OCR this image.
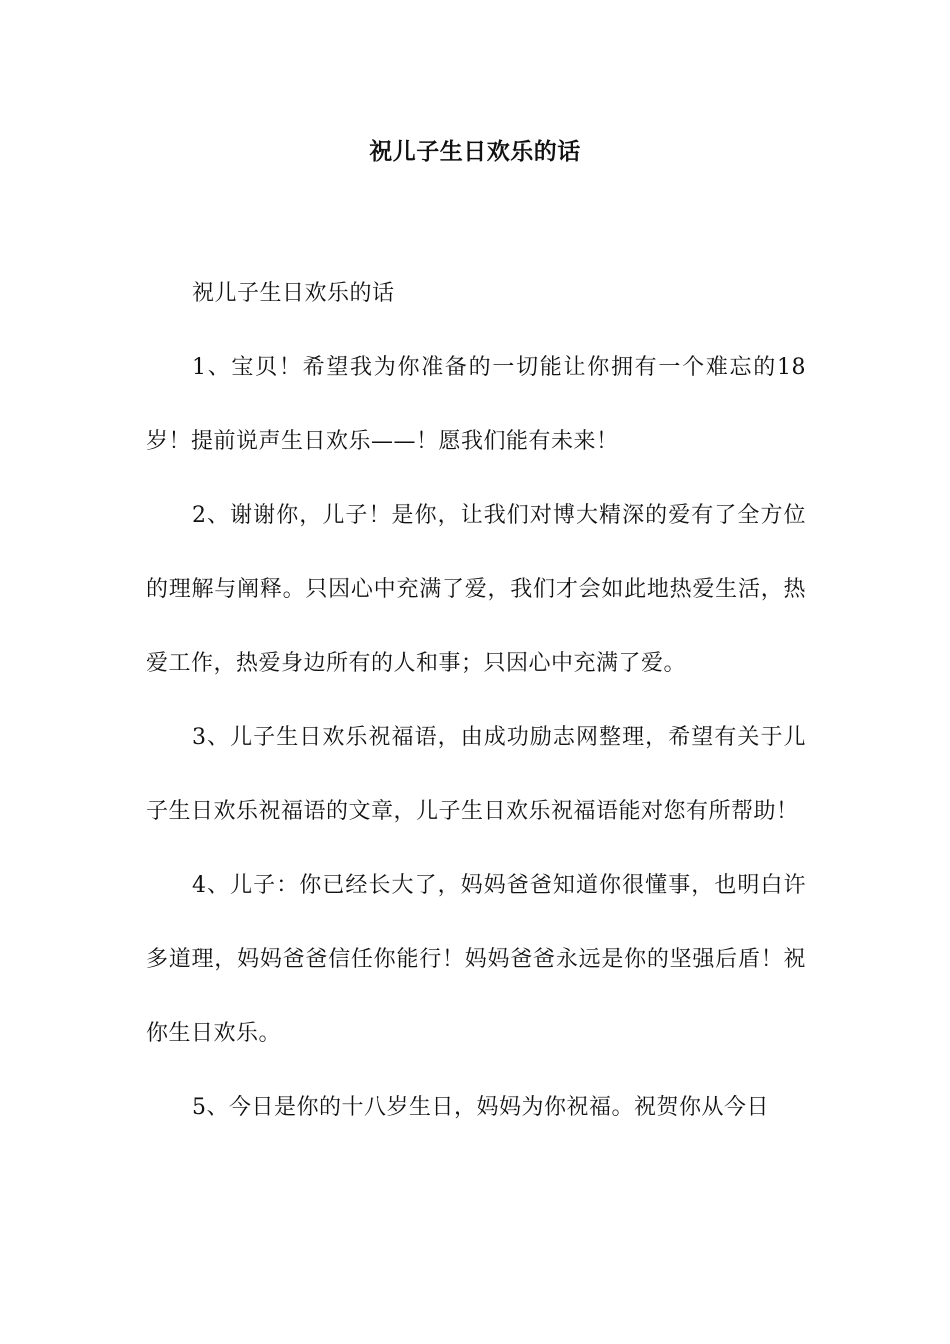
祝儿子生日欢乐的话

祝儿子生日欢乐的话

1、宝贝！希望我为你准备的一切能让你拥有一个难忘的18岁！提前说声生日欢乐——！愿我们能有未来！

2、谢谢你，儿子！是你，让我们对博大精深的爱有了全方位的理解与阐释。只因心中充满了爱，我们才会如此地热爱生活，热爱工作，热爱身边所有的人和事；只因心中充满了爱。

3、儿子生日欢乐祝福语，由成功励志网整理，希望有关于儿子生日欢乐祝福语的文章，儿子生日欢乐祝福语能对您有所帮助！

4、儿子：你已经长大了，妈妈爸爸知道你很懂事，也明白许多道理，妈妈爸爸信任你能行！妈妈爸爸永远是你的坚强后盾！祝你生日欢乐。

5、今日是你的十八岁生日，妈妈为你祝福。祝贺你从今日
